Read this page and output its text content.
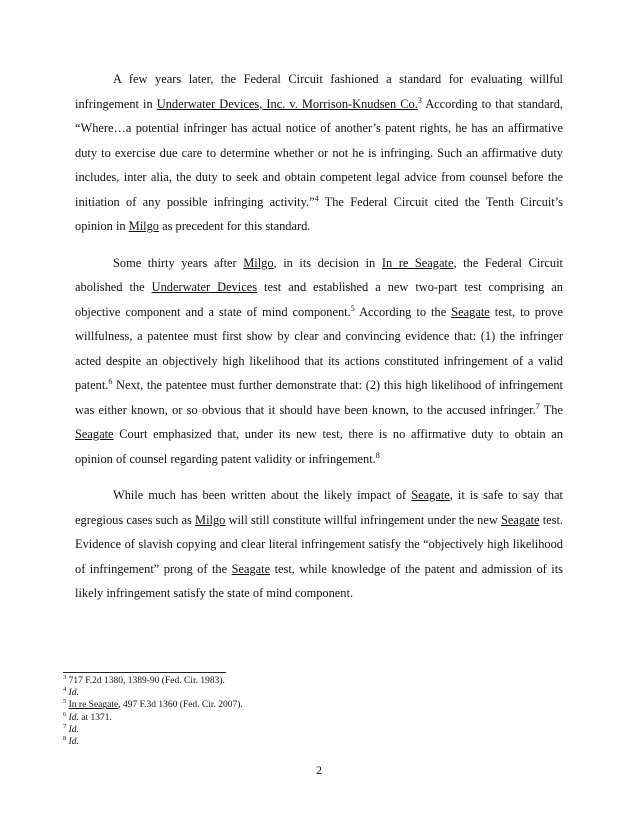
A few years later, the Federal Circuit fashioned a standard for evaluating willful infringement in Underwater Devices, Inc. v. Morrison-Knudsen Co.$^3$ According to that standard, “Where…a potential infringer has actual notice of another’s patent rights, he has an affirmative duty to exercise due care to determine whether or not he is infringing. Such an affirmative duty includes, inter alia, the duty to seek and obtain competent legal advice from counsel before the initiation of any possible infringing activity.”$^4$ The Federal Circuit cited the Tenth Circuit’s opinion in Milgo as precedent for this standard.

Some thirty years after Milgo, in its decision in In re Seagate, the Federal Circuit abolished the Underwater Devices test and established a new two-part test comprising an objective component and a state of mind component.$^5$ According to the Seagate test, to prove willfulness, a patentee must first show by clear and convincing evidence that: (1) the infringer acted despite an objectively high likelihood that its actions constituted infringement of a valid patent.$^6$ Next, the patentee must further demonstrate that: (2) this high likelihood of infringement was either known, or so obvious that it should have been known, to the accused infringer.$^7$ The Seagate Court emphasized that, under its new test, there is no affirmative duty to obtain an opinion of counsel regarding patent validity or infringement.$^8$

While much has been written about the likely impact of Seagate, it is safe to say that egregious cases such as Milgo will still constitute willful infringement under the new Seagate test. Evidence of slavish copying and clear literal infringement satisfy the “objectively high likelihood of infringement” prong of the Seagate test, while knowledge of the patent and admission of its likely infringement satisfy the state of mind component.

$^3$ 717 F.2d 1380, 1389-90 (Fed. Cir. 1983).
$^4$ Id.
$^5$ In re Seagate, 497 F.3d 1360 (Fed. Cir. 2007).
$^6$ Id. at 1371.
$^7$ Id.
$^8$ Id.
2
